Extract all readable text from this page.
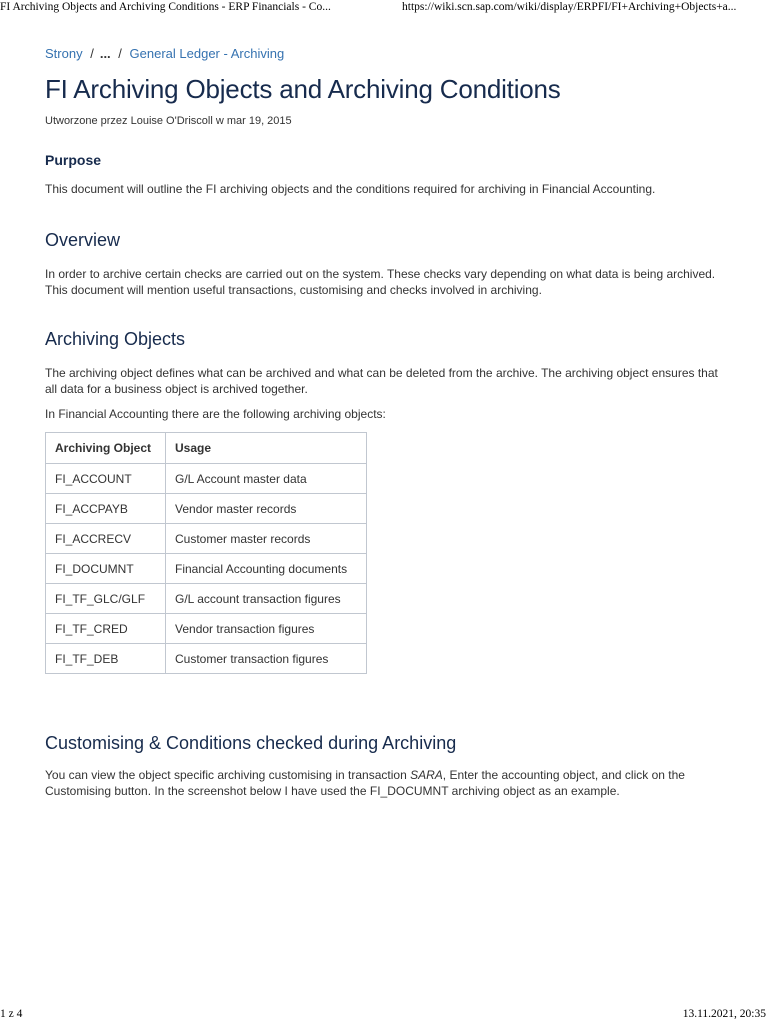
FI Archiving Objects and Archiving Conditions - ERP Financials - Co...	https://wiki.scn.sap.com/wiki/display/ERPFI/FI+Archiving+Objects+a...
Strony / ... / General Ledger - Archiving
FI Archiving Objects and Archiving Conditions
Utworzone przez Louise O'Driscoll w mar 19, 2015
Purpose

This document will outline the FI archiving objects and the conditions required for archiving in Financial Accounting.

Overview

In order to archive certain checks are carried out on the system. These checks vary depending on what data is being archived. This document will mention useful transactions, customising and checks involved in archiving.

Archiving Objects

The archiving object defines what can be archived and what can be deleted from the archive. The archiving object ensures that all data for a business object is archived together.

In Financial Accounting there are the following archiving objects:

Archiving Object	Usage
FI_ACCOUNT	G/L Account master data
FI_ACCPAYB	Vendor master records
FI_ACCRECV	Customer master records
FI_DOCUMNT	Financial Accounting documents
FI_TF_GLC/GLF	G/L account transaction figures
FI_TF_CRED	Vendor transaction figures
FI_TF_DEB	Customer transaction figures
Customising & Conditions checked during Archiving

You can view the object specific archiving customising in transaction SARA, Enter the accounting object, and click on the Customising button. In the screenshot below I have used the FI_DOCUMNT archiving object as an example.

1 z 4	13.11.2021, 20:35
